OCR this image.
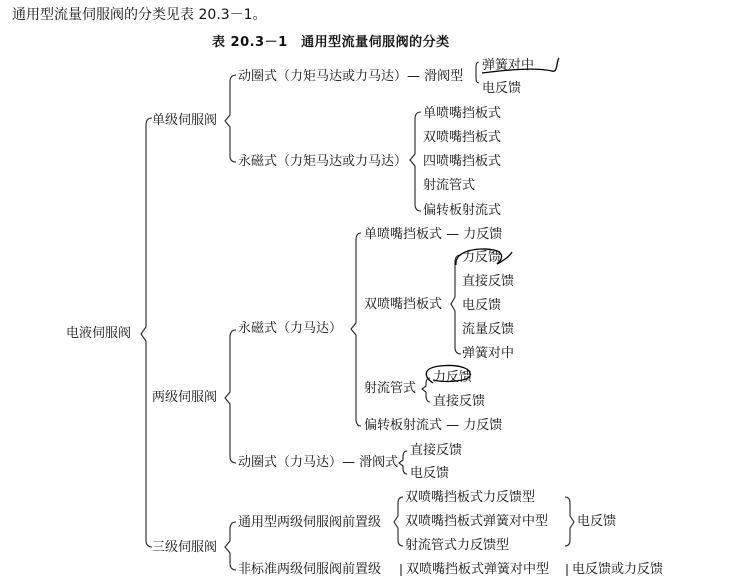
通用型流量伺服阀的分类见表 20.3－1。
表 20.3－1　通用型流量伺服阀的分类
电液伺服阀
单级伺服阀
动圈式（力矩马达或力马达）— 滑阀型
弹簧对中
电反馈
永磁式（力矩马达或力马达）
单喷嘴挡板式
双喷嘴挡板式
四喷嘴挡板式
射流管式
偏转板射流式
两级伺服阀
永磁式（力马达）
单喷嘴挡板式 — 力反馈
双喷嘴挡板式
力反馈
直接反馈
电反馈
流量反馈
弹簧对中
射流管式
力反馈
直接反馈
偏转板射流式 — 力反馈
动圈式（力马达）— 滑阀式
直接反馈
电反馈
三级伺服阀
通用型两级伺服阀前置级
双喷嘴挡板式力反馈型
双喷嘴挡板式弹簧对中型
射流管式力反馈型
电反馈
非标准两级伺服阀前置级 双喷嘴挡板式弹簧对中型 电反馈或力反馈
